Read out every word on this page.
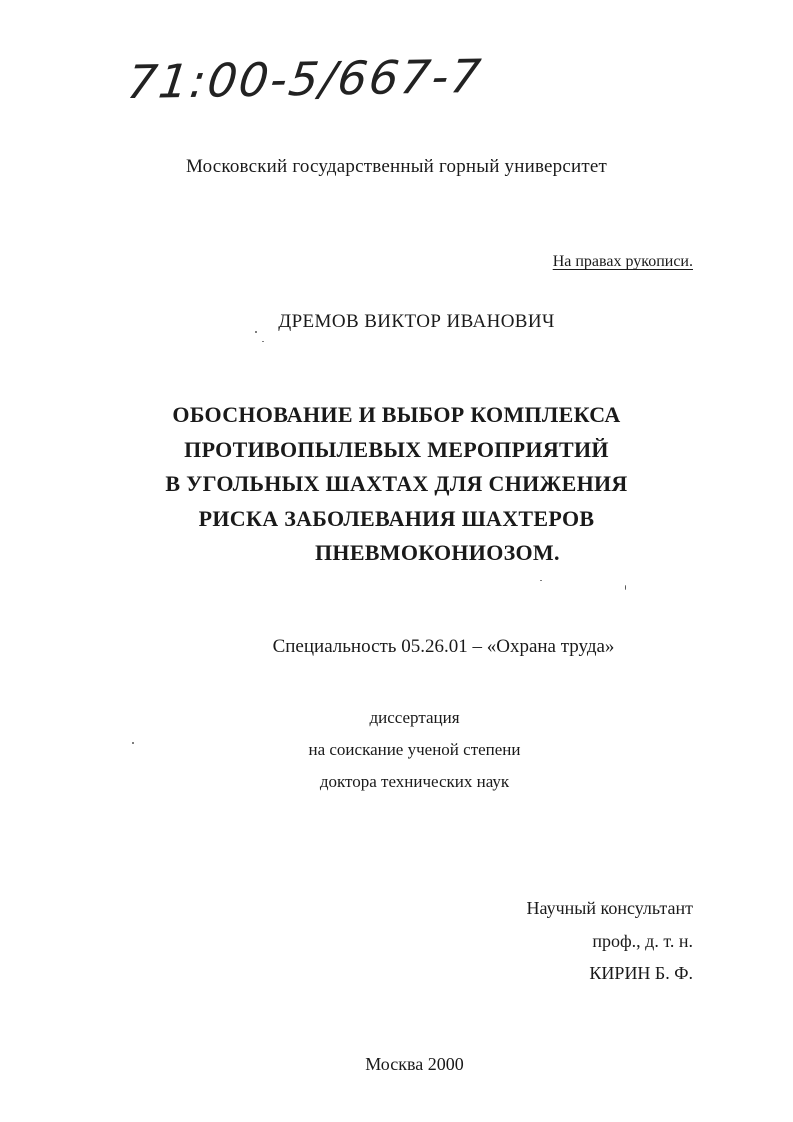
71:00-5/667-7
Московский государственный горный университет
На правах рукописи.
ДРЕМОВ ВИКТОР ИВАНОВИЧ
ОБОСНОВАНИЕ И ВЫБОР КОМПЛЕКСА
ПРОТИВОПЫЛЕВЫХ МЕРОПРИЯТИЙ
В УГОЛЬНЫХ ШАХТАХ ДЛЯ СНИЖЕНИЯ
РИСКА ЗАБОЛЕВАНИЯ ШАХТЕРОВ
ПНЕВМОКОНИОЗОМ.
Специальность 05.26.01 – «Охрана труда»
диссертация
на соискание ученой степени
доктора технических наук
Научный консультант
проф., д. т. н.
КИРИН Б. Ф.
Москва 2000
